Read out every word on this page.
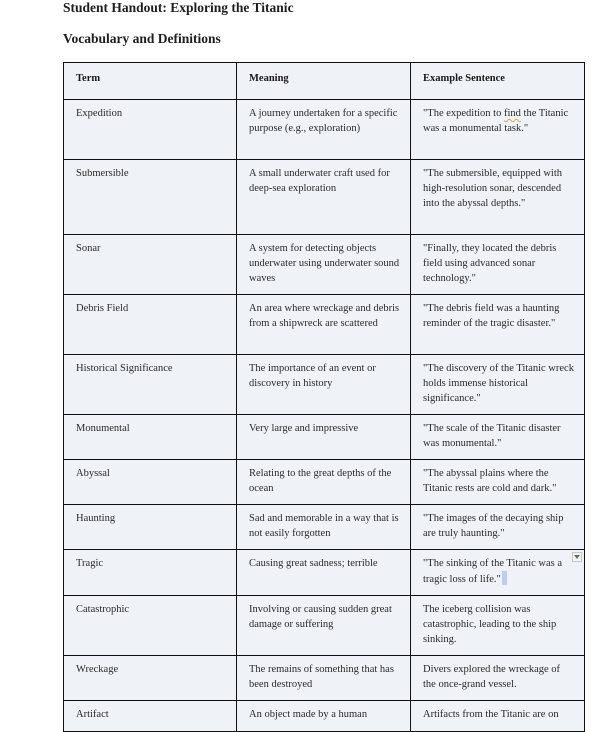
Student Handout: Exploring the Titanic
Vocabulary and Definitions
Term	Meaning	Example Sentence
Expedition	A journey undertaken for a specific purpose (e.g., exploration)	"The expedition to find the Titanic was a monumental task."
Submersible	A small underwater craft used for deep-sea exploration	"The submersible, equipped with high-resolution sonar, descended into the abyssal depths."
Sonar	A system for detecting objects underwater using underwater sound waves	"Finally, they located the debris field using advanced sonar technology."
Debris Field	An area where wreckage and debris from a shipwreck are scattered	"The debris field was a haunting reminder of the tragic disaster."
Historical Significance	The importance of an event or discovery in history	"The discovery of the Titanic wreck holds immense historical significance."
Monumental	Very large and impressive	"The scale of the Titanic disaster was monumental."
Abyssal	Relating to the great depths of the ocean	"The abyssal plains where the Titanic rests are cold and dark."
Haunting	Sad and memorable in a way that is not easily forgotten	"The images of the decaying ship are truly haunting."
Tragic	Causing great sadness; terrible	"The sinking of the Titanic was a tragic loss of life."

Catastrophic	Involving or causing sudden great damage or suffering	The iceberg collision was catastrophic, leading to the ship sinking.
Wreckage	The remains of something that has been destroyed	Divers explored the wreckage of the once-grand vessel.
Artifact	An object made by a human	Artifacts from the Titanic are on
